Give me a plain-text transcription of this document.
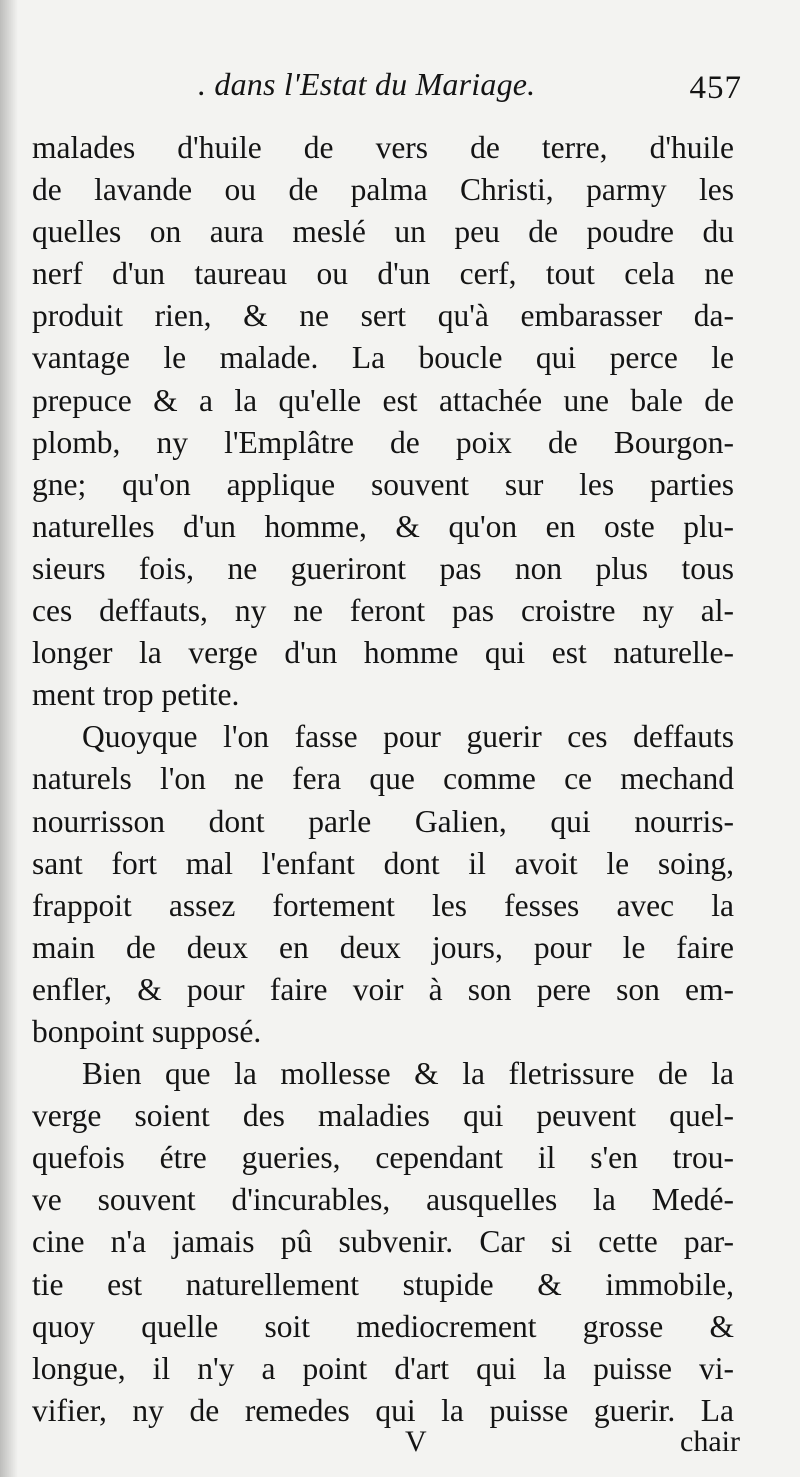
. dans l'Estat du Mariage.	457
malades d'huile de vers de terre, d'huile
de lavande ou de palma Christi, parmy les
quelles on aura meslé un peu de poudre du
nerf d'un taureau ou d'un cerf, tout cela ne
produit rien, & ne sert qu'à embarasser da-
vantage le malade. La boucle qui perce le
prepuce & a la qu'elle est attachée une bale de
plomb, ny l'Emplâtre de poix de Bourgon-
gne; qu'on applique souvent sur les parties
naturelles d'un homme, & qu'on en oste plu-
sieurs fois, ne gueriront pas non plus tous
ces deffauts, ny ne feront pas croistre ny al-
longer la verge d'un homme qui est naturelle-
ment trop petite.
Quoyque l'on fasse pour guerir ces deffauts
naturels l'on ne fera que comme ce mechand
nourrisson dont parle Galien, qui nourris-
sant fort mal l'enfant dont il avoit le soing,
frappoit assez fortement les fesses avec la
main de deux en deux jours, pour le faire
enfler, & pour faire voir à son pere son em-
bonpoint supposé.
Bien que la mollesse & la fletrissure de la
verge soient des maladies qui peuvent quel-
quefois étre gueries, cependant il s'en trou-
ve souvent d'incurables, ausquelles la Medé-
cine n'a jamais pû subvenir. Car si cette par-
tie est naturellement stupide & immobile,
quoy quelle soit mediocrement grosse &
longue, il n'y a point d'art qui la puisse vi-
vifier, ny de remedes qui la puisse guerir. La
V	chair
